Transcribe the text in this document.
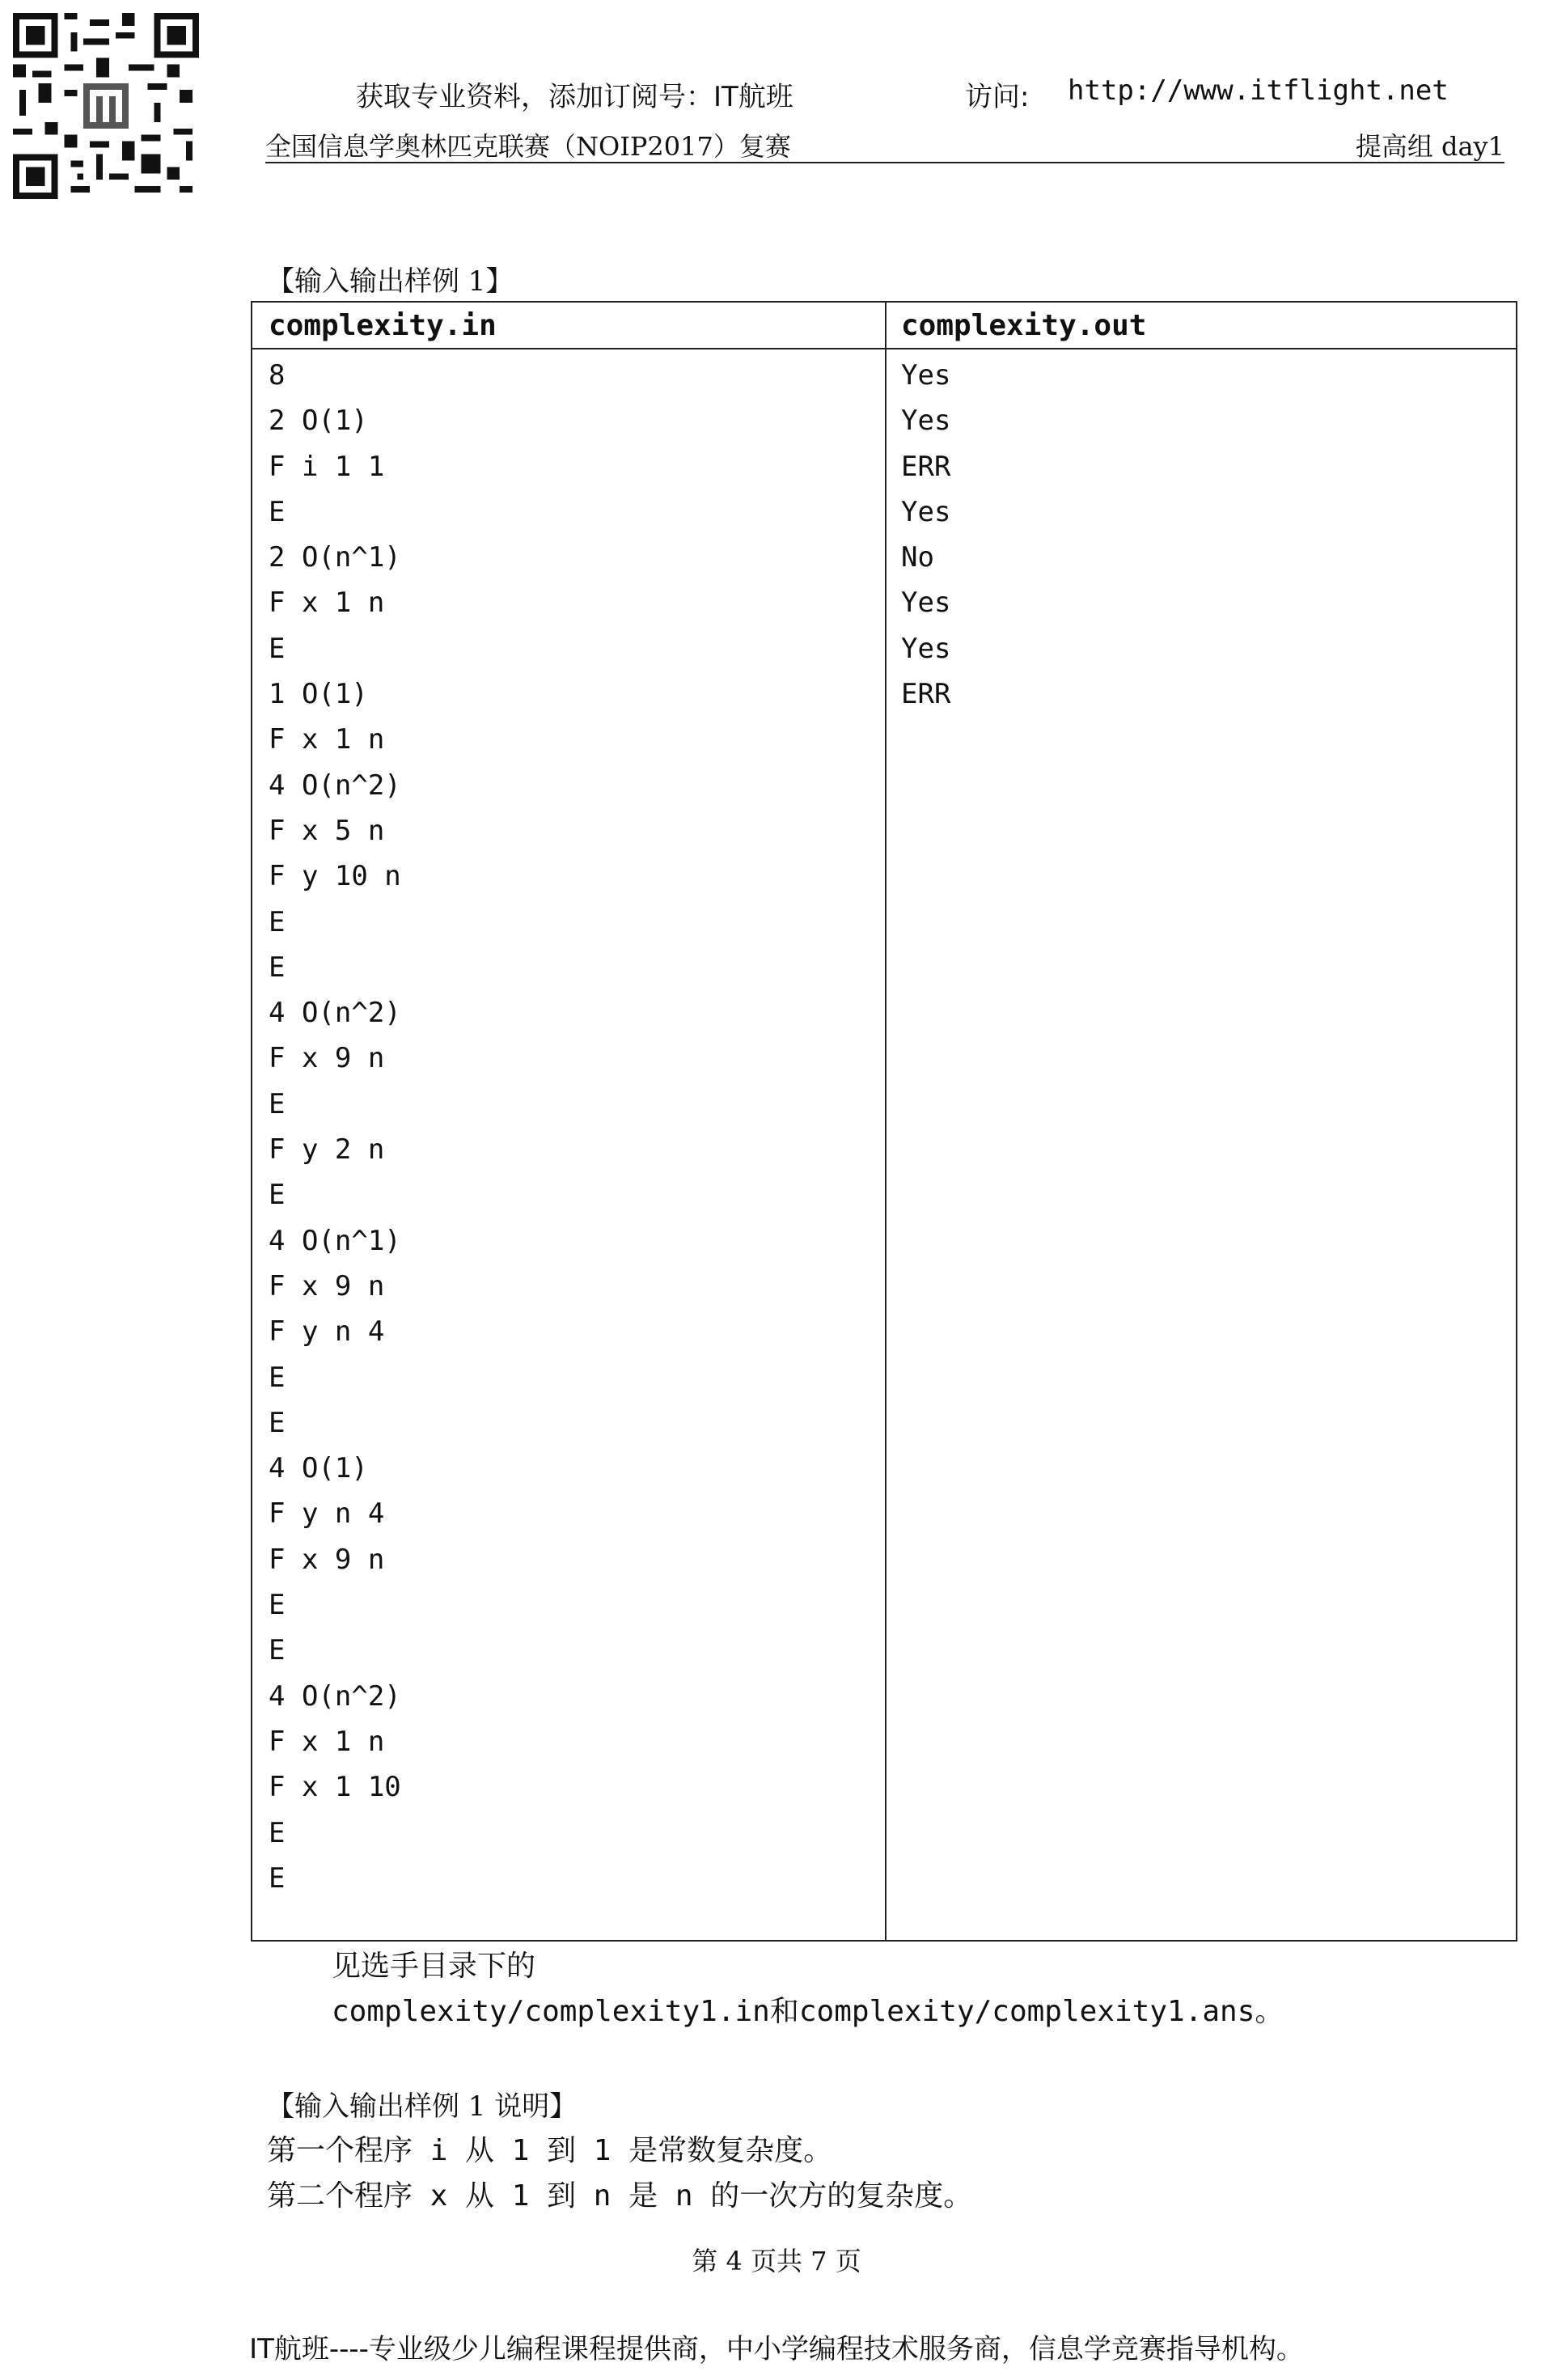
获取专业资料，添加订阅号：IT航班	访问: http://www.itflight.net
全国信息学奥林匹克联赛（NOIP2017）复赛	提高组 day1
【输入输出样例 1】
complexity.in	complexity.out
8
2 O(1)
F i 1 1
E
2 O(n^1)
F x 1 n
E
1 O(1)
F x 1 n
4 O(n^2)
F x 5 n
F y 10 n
E
E
4 O(n^2)
F x 9 n
E
F y 2 n
E
4 O(n^1)
F x 9 n
F y n 4
E
E
4 O(1)
F y n 4
F x 9 n
E
E
4 O(n^2)
F x 1 n
F x 1 10
E
E
Yes
Yes
ERR
Yes
No
Yes
Yes
ERR
见选手目录下的
complexity/complexity1.in和complexity/complexity1.ans。
【输入输出样例 1 说明】
第一个程序 i 从 1 到 1 是常数复杂度。
第二个程序 x 从 1 到 n 是 n 的一次方的复杂度。
第 4 页共 7 页
IT航班----专业级少儿编程课程提供商，中小学编程技术服务商，信息学竞赛指导机构。
